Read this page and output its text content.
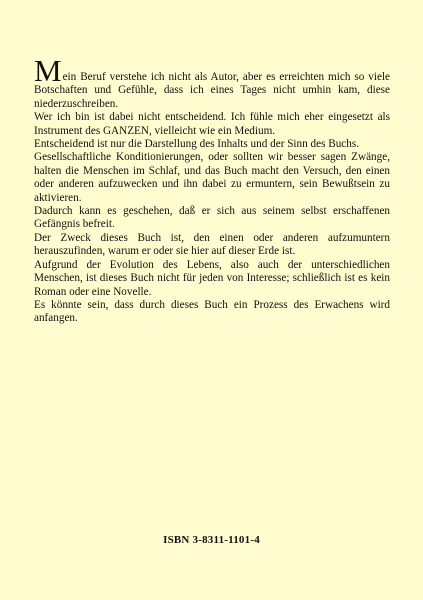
Mein Beruf verstehe ich nicht als Autor, aber es erreichten mich so viele Botschaften und Gefühle, dass ich eines Tages nicht umhin kam, diese niederzuschreiben.

Wer ich bin ist dabei nicht entscheidend. Ich fühle mich eher eingesetzt als Instrument des GANZEN, vielleicht wie ein Medium.

Entscheidend ist nur die Darstellung des Inhalts und der Sinn des Buchs.

Gesellschaftliche Konditionierungen, oder sollten wir besser sagen Zwänge, halten die Menschen im Schlaf, und das Buch macht den Versuch, den einen oder anderen aufzuwecken und ihn dabei zu ermuntern, sein Bewußtsein zu aktivieren.

Dadurch kann es geschehen, daß er sich aus seinem selbst erschaffenen Gefängnis befreit.

Der Zweck dieses Buch ist, den einen oder anderen aufzumuntern herauszufinden, warum er oder sie hier auf dieser Erde ist.

Aufgrund der Evolution des Lebens, also auch der unterschiedlichen Menschen, ist dieses Buch nicht für jeden von Interesse; schließlich ist es kein Roman oder eine Novelle.

Es könnte sein, dass durch dieses Buch ein Prozess des Erwachens wird anfangen.

ISBN 3-8311-1101-4
